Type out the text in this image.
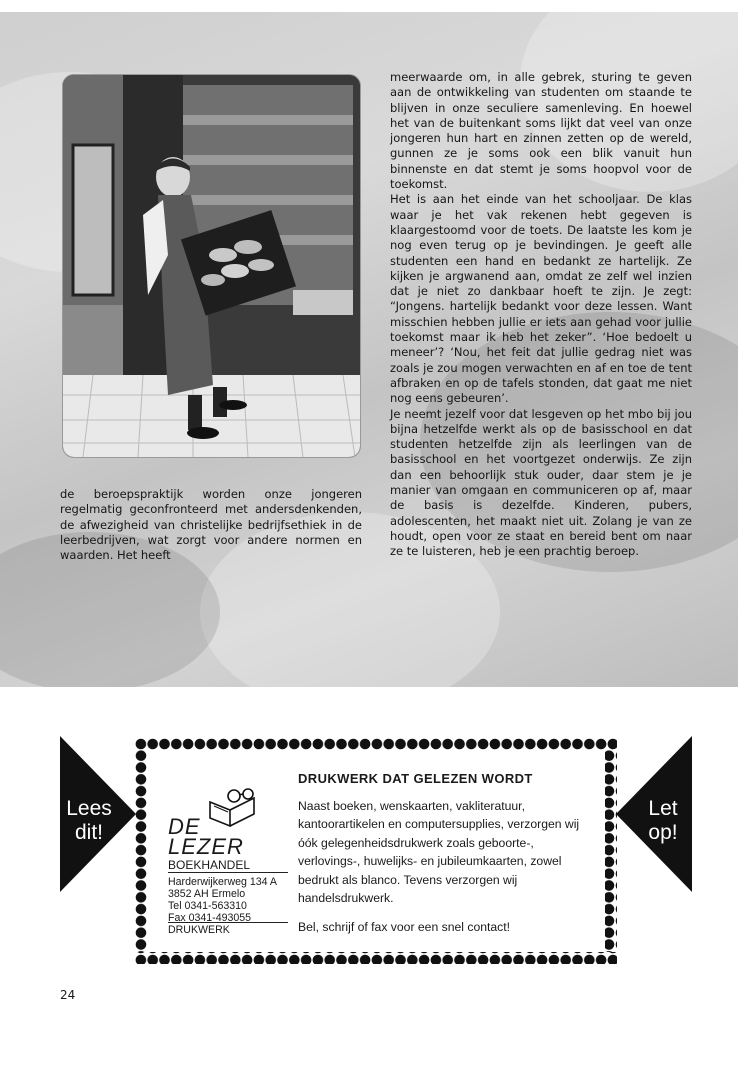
de beroepspraktijk worden onze jongeren regelmatig geconfronteerd met andersdenkenden, de afwezigheid van christelijke bedrijfsethiek in de leerbedrijven, wat zorgt voor andere normen en waarden. Het heeft

meerwaarde om, in alle gebrek, sturing te geven aan de ontwikkeling van studenten om staande te blijven in onze seculiere samenleving. En hoewel het van de buitenkant soms lijkt dat veel van onze jongeren hun hart en zinnen zetten op de wereld, gunnen ze je soms ook een blik vanuit hun binnenste en dat stemt je soms hoopvol voor de toekomst.

Het is aan het einde van het schooljaar. De klas waar je het vak rekenen hebt gegeven is klaargestoomd voor de toets. De laatste les kom je nog even terug op je bevindingen. Je geeft alle studenten een hand en bedankt ze hartelijk. Ze kijken je argwanend aan, omdat ze zelf wel inzien dat je niet zo dankbaar hoeft te zijn. Je zegt: “Jongens. hartelijk bedankt voor deze lessen. Want misschien hebben jullie er iets aan gehad voor jullie toekomst maar ik heb het zeker”. ‘Hoe bedoelt u meneer’? ‘Nou, het feit dat jullie gedrag niet was zoals je zou mogen verwachten en af en toe de tent afbraken en op de tafels stonden, dat gaat me niet nog eens gebeuren’.

Je neemt jezelf voor dat lesgeven op het mbo bij jou bijna hetzelfde werkt als op de basisschool en dat studenten hetzelfde zijn als leerlingen van de basisschool en het voortgezet onderwijs. Ze zijn dan een behoorlijk stuk ouder, daar stem je je manier van omgaan en communiceren op af, maar de basis is dezelfde. Kinderen, pubers, adolescenten, het maakt niet uit. Zolang je van ze houdt, open voor ze staat en bereid bent om naar ze te luisteren, heb je een prachtig beroep.

Lees
dit!
Let
op!
DE
LEZER
BOEKHANDEL
Harderwijkerweg 134 A
3852 AH Ermelo
Tel 0341-563310
Fax 0341-493055
DRUKWERK
DRUKWERK DAT GELEZEN WORDT
Naast boeken, wenskaarten, vakliteratuur, kantoorartikelen en computersupplies, verzorgen wij óók gelegenheidsdrukwerk zoals geboorte-, verlovings-, huwelijks- en jubileumkaarten, zowel bedrukt als blanco. Tevens verzorgen wij handelsdrukwerk.
Bel, schrijf of fax voor een snel contact!
24
